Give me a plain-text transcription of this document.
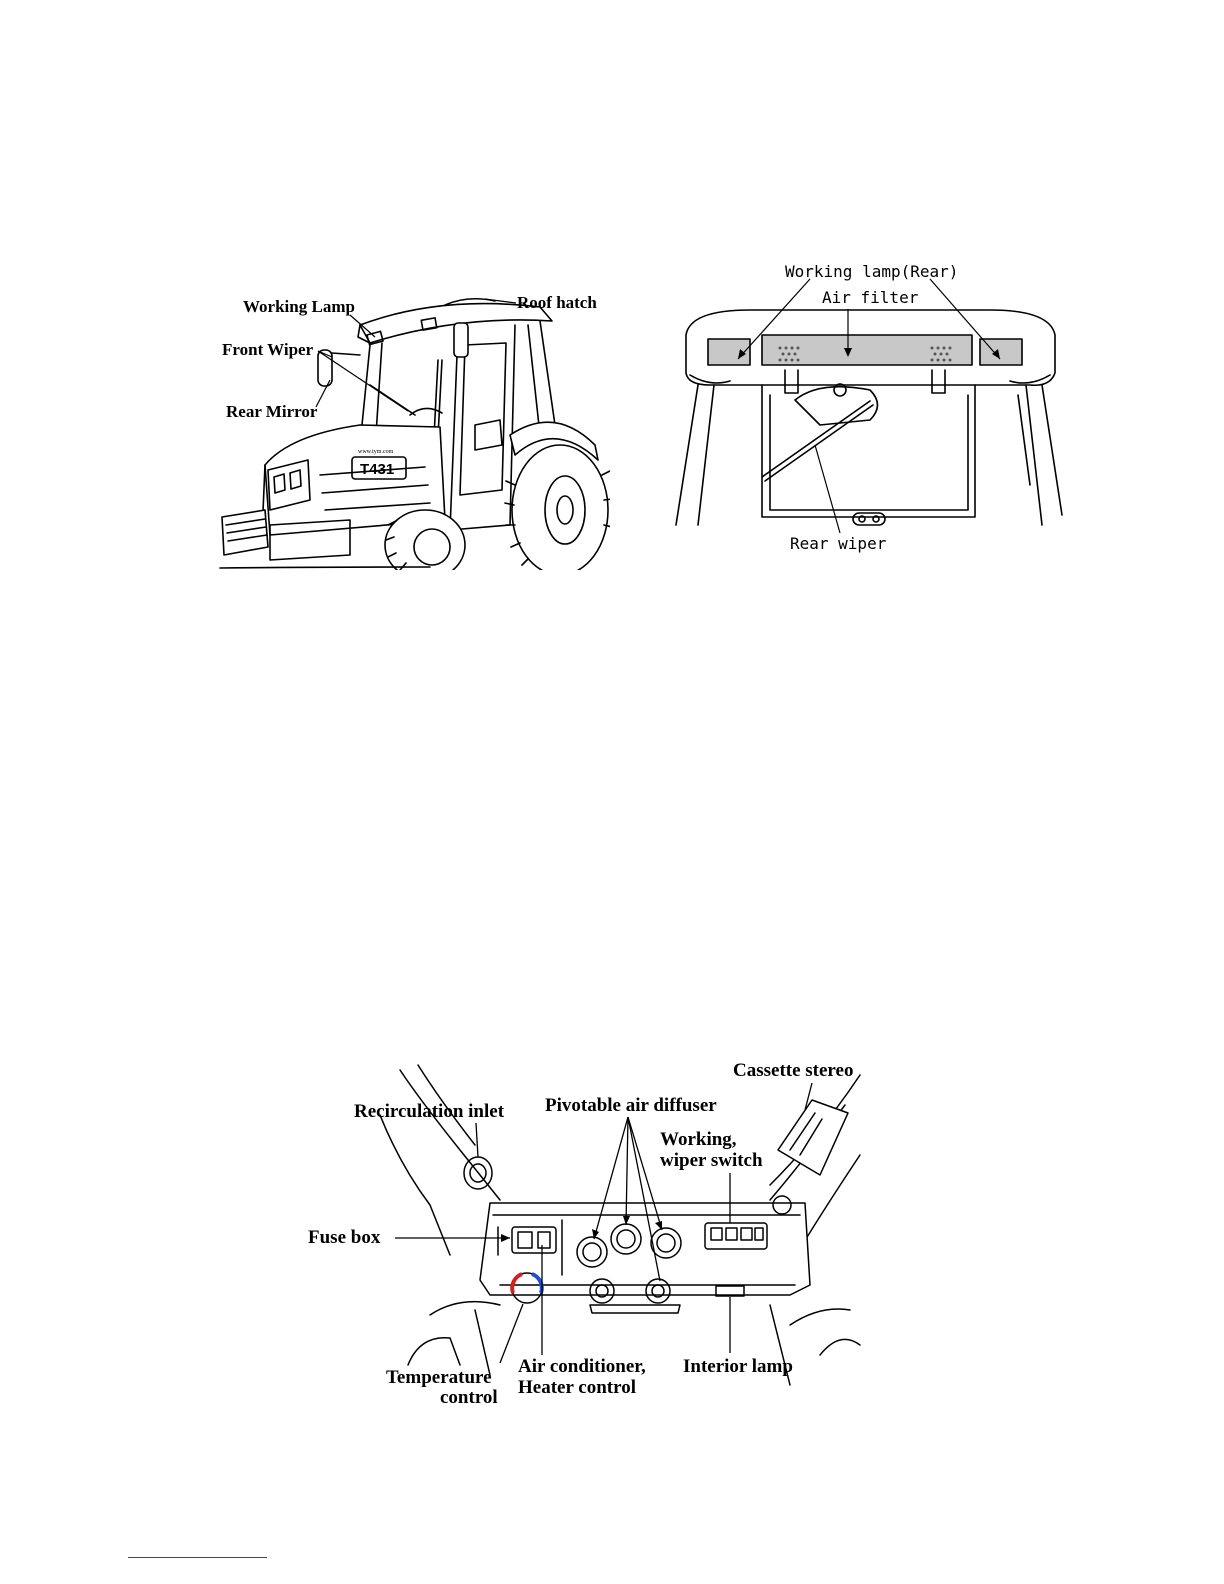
T431
www.tym.com
Working Lamp	Roof hatch
Front Wiper
Rear Mirror
Working lamp(Rear)
Air filter
Rear wiper
Cassette stereo
Recirculation inlet Pivotable air diffuser
Working,
wiper switch
Fuse box
Temperature
control
Air conditioner,
Heater control
Interior lamp
